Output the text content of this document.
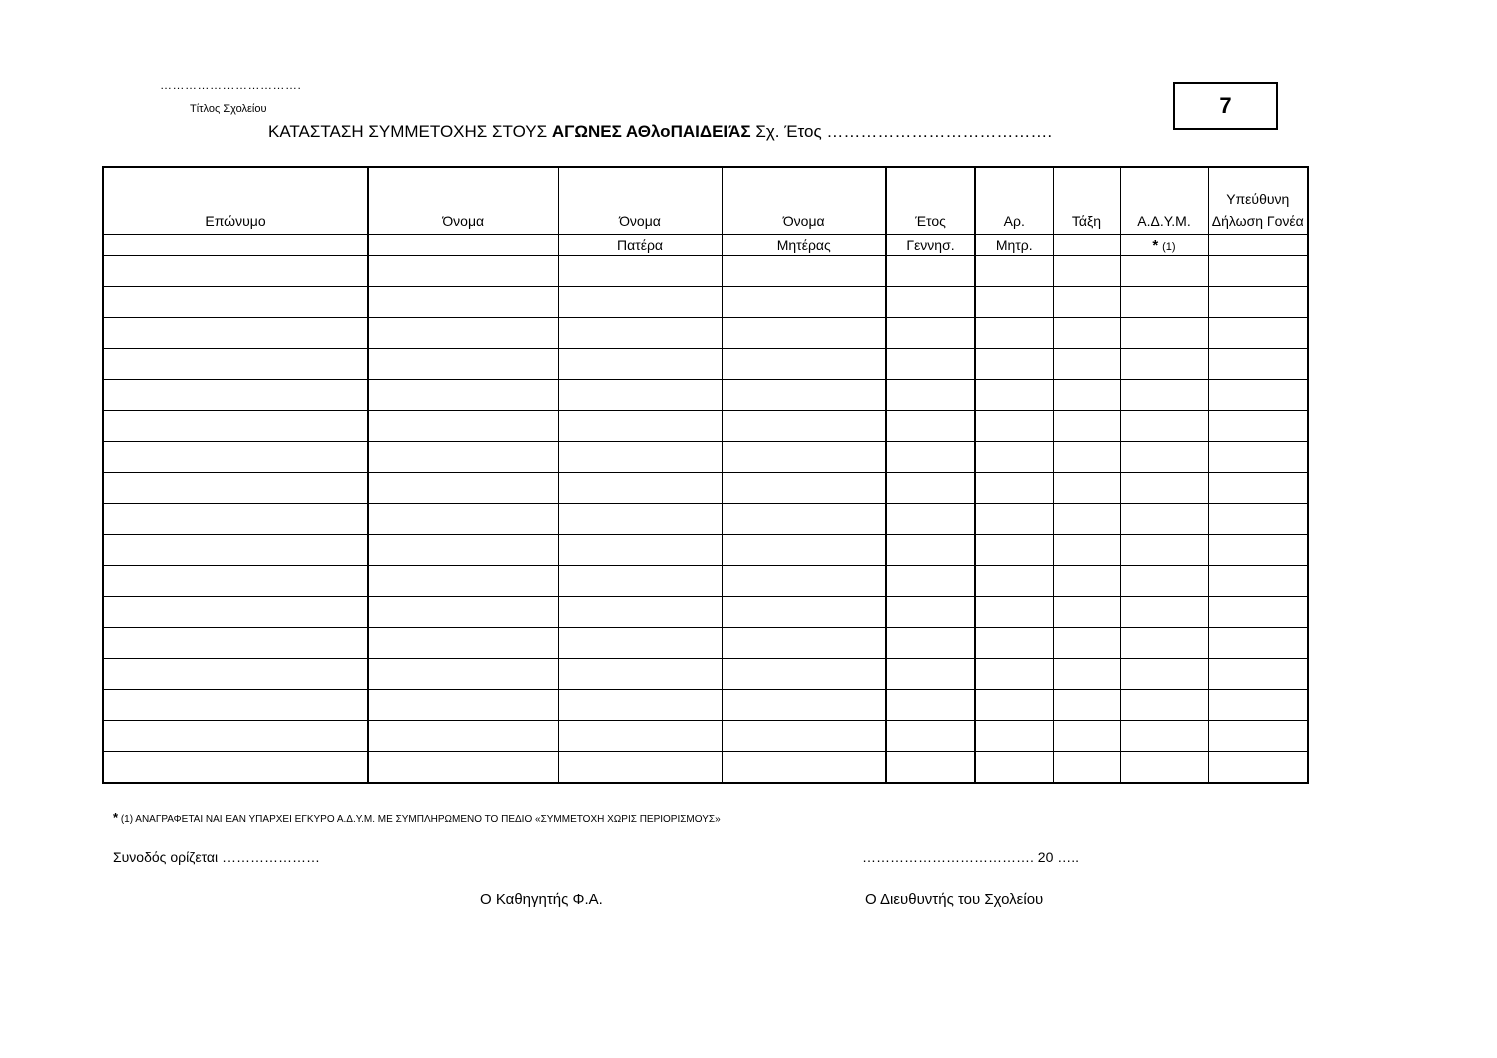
…………………………….
Τίτλος Σχολείου
ΚΑΤΑΣΤΑΣΗ ΣΥΜΜΕΤΟΧΗΣ ΣΤΟΥΣ ΑΓΩΝΕΣ ΑΘλοΠΑΙΔΕΙΆΣ Σχ. Έτος ………………………………….
7
Επώνυμο	Όνομα	Όνομα	Όνομα	Έτος	Αρ.	Τάξη	Α.Δ.Υ.Μ.	Υπεύθυνη Δήλωση Γονέα
		Πατέρα	Μητέρας	Γεννησ.	Μητρ.		* (1)	

* (1) ΑΝΑΓΡΑΦΕΤΑΙ ΝΑΙ ΕΑΝ ΥΠΑΡΧΕΙ ΕΓΚΥΡΟ Α.Δ.Υ.Μ. ΜΕ ΣΥΜΠΛΗΡΩΜΕΝΟ ΤΟ ΠΕΔΙΟ «ΣΥΜΜΕΤΟΧΗ ΧΩΡΙΣ ΠΕΡΙΟΡΙΣΜΟΥΣ»
Συνοδός ορίζεται …………………	………………………………. 20 …..
Ο Καθηγητής Φ.Α.	Ο Διευθυντής του Σχολείου
